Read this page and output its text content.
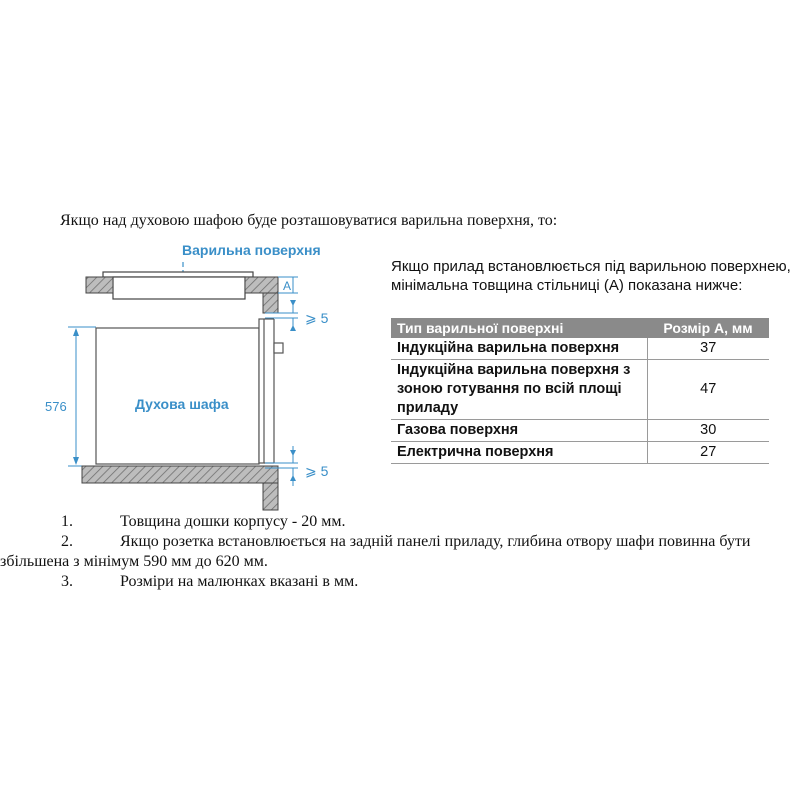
Якщо над духовою шафою буде розташовуватися варильна поверхня, то:
Варильна поверхня
A
⩾ 5
Духова шафа
576
⩾ 5
Якщо прилад встановлюється під варильною поверхнею,
мінімальна товщина стільниці (А) показана нижче:
Тип варильної поверхні	Розмір А, мм
Індукційна варильна поверхня	37

Індукційна варильна поверхня з
зоною готування по всій площі
приладу	47
Газова поверхня	30
Електрична поверхня	27
1.	Товщина дошки корпусу - 20 мм.
2.	Якщо розетка встановлюється на задній панелі приладу, глибина отвору шафи повинна бути
збільшена з мінімум 590 мм до 620 мм.
3.	Розміри на малюнках вказані в мм.
